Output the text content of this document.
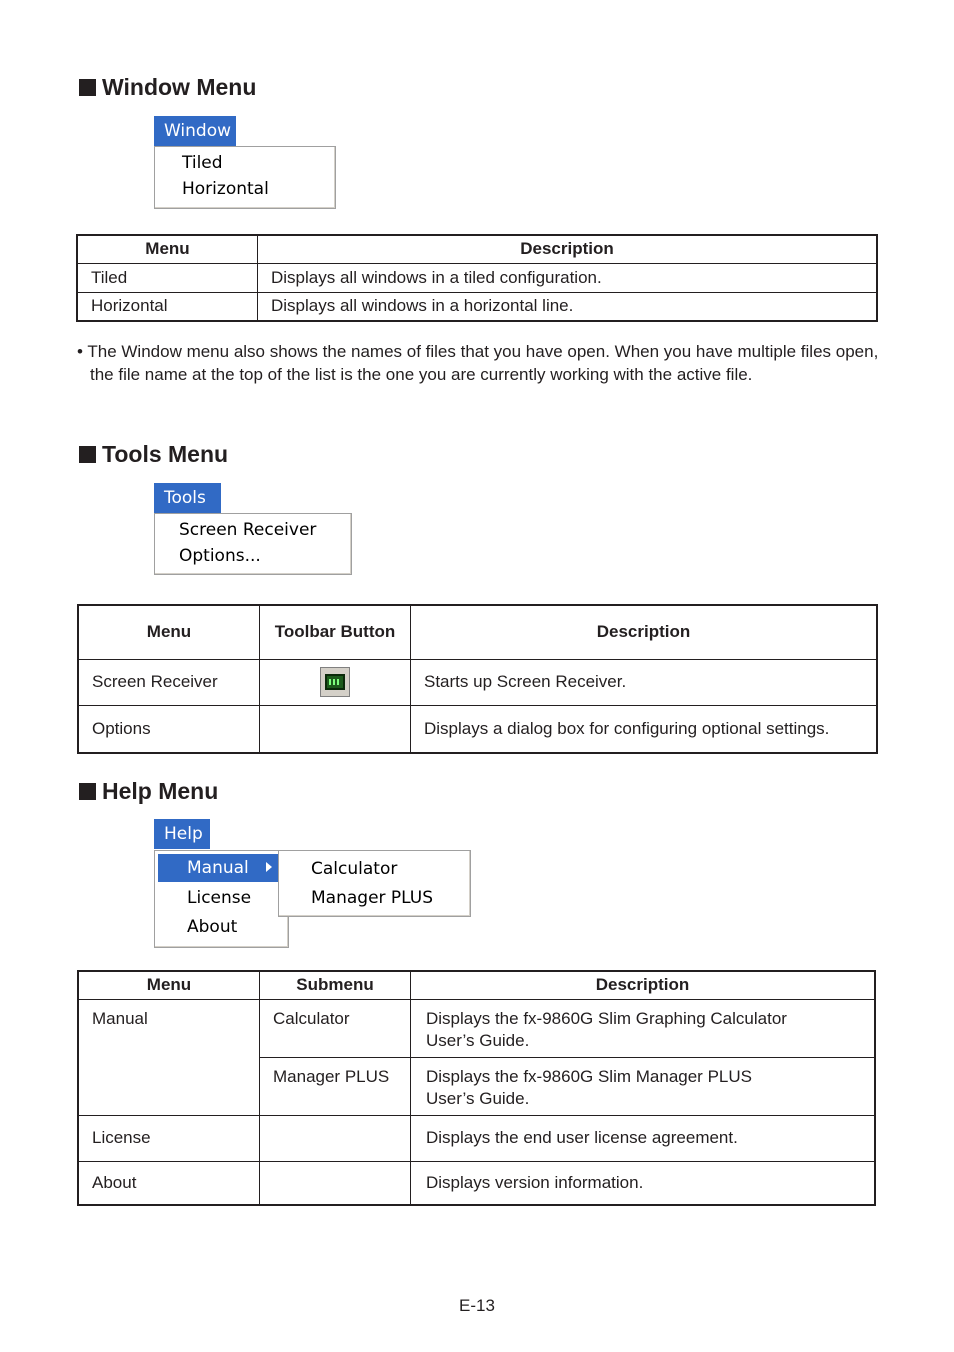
Window Menu
Window
Tiled
Horizontal
Menu	Description
Tiled	Displays all windows in a tiled configuration.
Horizontal	Displays all windows in a horizontal line.

• The Window menu also shows the names of files that you have open. When you have multiple files open, the file name at the top of the list is the one you are currently working with the active file.

Tools Menu
Tools
Screen Receiver
Options...
Menu	Toolbar Button	Description
Screen Receiver		Starts up Screen Receiver.
Options		Displays a dialog box for configuring optional settings.
Help Menu
Help
Manual
License
About
Calculator
Manager PLUS
Menu	Submenu	Description
Manual	Calculator	Displays the fx-9860G Slim Graphing Calculator User’s Guide.
	Manager PLUS	Displays the fx-9860G Slim Manager PLUS User’s Guide.
License		Displays the end user license agreement.
About		Displays version information.
E-13
